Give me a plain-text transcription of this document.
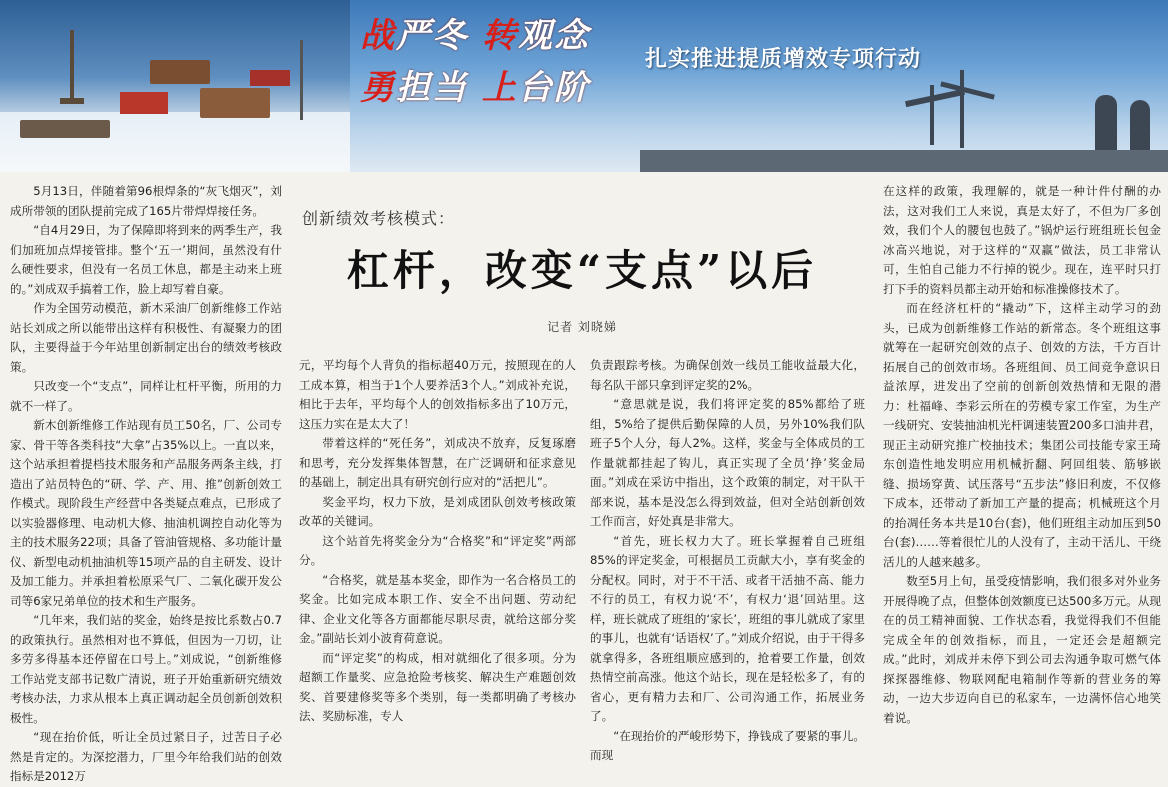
战严冬 转观念
勇担当 上台阶
扎实推进提质增效专项行动

5月13日，伴随着第96根焊条的“灰飞烟灭”，刘成所带领的团队提前完成了165片带焊焊接任务。

“自4月29日，为了保障即将到来的两季生产，我们加班加点焊接管排。整个‘五一’期间，虽然没有什么硬性要求，但没有一名员工休息，都是主动来上班的。”刘成双手搞着工作，脸上却写着自豪。

作为全国劳动模范，新木采油厂创新维修工作站站长刘成之所以能带出这样有积极性、有凝聚力的团队，主要得益于今年站里创新制定出台的绩效考核政策。

只改变一个“支点”，同样让杠杆平衡，所用的力就不一样了。

新木创新维修工作站现有员工50名，厂、公司专家、骨干等各类科技“大拿”占35%以上。一直以来，这个站承担着提档技术服务和产品服务两条主线，打造出了站员特色的“研、学、产、用、推”创新创效工作模式。现阶段生产经营中各类疑点难点，已形成了以实验器修理、电动机大修、抽油机调控自动化等为主的技术服务22项；具备了管油管规格、多功能计量仪、新型电动机抽油机等15项产品的自主研发、设计及加工能力。并承担着松原采气厂、二氧化碳开发公司等6家兄弟单位的技术和生产服务。

“几年来，我们站的奖金，始终是按比系数占0.7的政策执行。虽然相对也不算低，但因为一刀切，让多劳多得基本还停留在口号上。”刘成说，“创新维修工作站党支部书记数广清说，班子开始重新研究绩效考核办法，力求从根本上真正调动起全员创新创效积极性。

“现在抬价低，听让全员过紧日子，过苦日子必然是肯定的。为深挖潜力，厂里今年给我们站的创效指标是2012万

创新绩效考核模式：
杠杆，改变“支点”以后
记者 刘晓娣

元，平均每个人背负的指标超40万元，按照现在的人工成本算，相当于1个人要养活3个人。”刘成补充说，相比于去年，平均每个人的创效指标多出了10万元，这压力实在是太大了！

带着这样的“死任务”，刘成决不放弃，反复琢磨和思考，充分发挥集体智慧，在广泛调研和征求意见的基础上，制定出具有研究创行应对的“活把儿”。

奖金平均，权力下放，是刘成团队创效考核政策改革的关键词。

这个站首先将奖金分为“合格奖”和“评定奖”两部分。

“合格奖，就是基本奖金，即作为一名合格员工的奖金。比如完成本职工作、安全不出问题、劳动纪律、企业文化等各方面都能尽职尽责，就给这部分奖金。”副站长刘小波育荷意说。

而“评定奖”的构成，相对就细化了很多项。分为超额工作量奖、应急抢险考核奖、解决生产难题创效奖、首要建修奖等多个类别，每一类都明确了考核办法、奖励标准，专人

负责跟踪考核。为确保创效一线员工能收益最大化，每名队干部只拿到评定奖的2%。

“意思就是说，我们将评定奖的85%都给了班组，5%给了提供后勤保障的人员，另外10%我们队班子5个人分，每人2%。这样，奖金与全体成员的工作量就都挂起了钩儿，真正实现了全员‘挣’奖金局面。”刘成在采访中指出，这个政策的制定，对干队干部来说，基本是没怎么得到效益，但对全站创新创效工作而言，好处真是非常大。

“首先，班长权力大了。班长掌握着自己班组85%的评定奖金，可根据员工贡献大小，享有奖金的分配权。同时，对于不干活、或者干活抽不高、能力不行的员工，有权力说‘不’，有权力‘退’回站里。这样，班长就成了班组的‘家长’，班组的事儿就成了家里的事儿，也就有‘话语权’了。”刘成介绍说，由于干得多就拿得多，各班组顺应感到的，抢着要工作量，创效热情空前高涨。他这个站长，现在是轻松多了，有的省心，更有精力去和厂、公司沟通工作，拓展业务了。

“在现抬价的严峻形势下，挣钱成了要紧的事儿。而现

在这样的政策，我理解的，就是一种计件付酬的办法，这对我们工人来说，真是太好了，不但为厂多创效，我们个人的腰包也鼓了。”锅炉运行班组班长包金冰高兴地说，对于这样的“双赢”做法，员工非常认可，生怕自己能力不行掉的锐少。现在，连平时只打打下手的资料员都主动开始和标准操修技术了。

而在经济杠杆的“撬动”下，这样主动学习的劲头，已成为创新维修工作站的新常态。冬个班组这事就筹在一起研究创效的点子、创效的方法，千方百计拓展自己的创效市场。各班组间、员工间竞争意识日益浓厚，进发出了空前的创新创效热情和无限的潜力：杜福峰、李彩云所在的劳模专家工作室，为生产一线研究、安装抽油机光杆调速装置200多口油井君，现正主动研究推广校抽技术；集团公司技能专家王琦东创造性地发明应用机械折翻、阿回组装、筋够嵌缝、损场穿黄、试压落号“五步法”修旧利废，不仅修下成本，还带动了新加工产量的提高；机械班这个月的抬凋任务本共是10台(套)，他们班组主动加压到50台(套)……等着很忙儿的人没有了，主动干活儿、干绕活儿的人越来越多。

数至5月上旬，虽受疫情影响，我们很多对外业务开展得晚了点，但整体创效额度已达500多万元。从现在的员工精神面貌、工作状态看，我觉得我们不但能完成全年的创效指标，而且，一定还会是超额完成。”此时，刘成并未停下到公司去沟通争取可燃气体探探器维修、物联网配电箱制作等新的营业务的筹动，一边大步迈向自已的私家车，一边满怀信心地笑着说。
